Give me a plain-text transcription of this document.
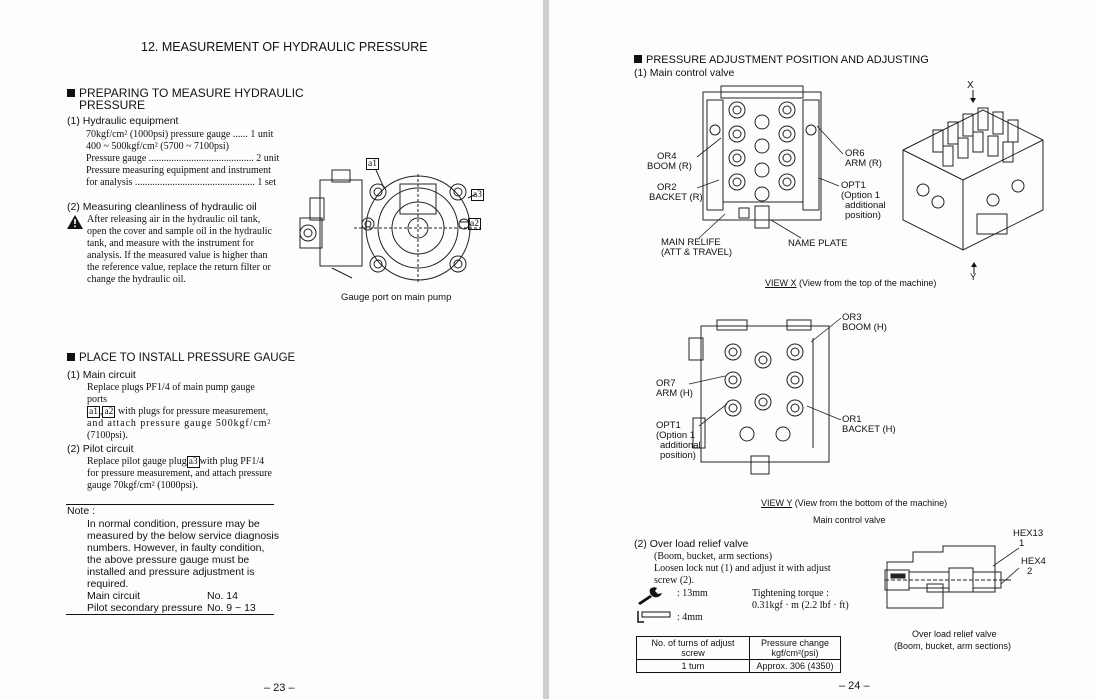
12. MEASUREMENT OF HYDRAULIC PRESSURE
PREPARING TO MEASURE HYDRAULIC
PRESSURE
(1) Hydraulic equipment
70kgf/cm² (1000psi) pressure gauge ...... 1 unit
400 ~ 500kgf/cm² (5700 ~ 7100psi)
Pressure gauge .......................................... 2 unit
Pressure measuring equipment and instrument
for analysis ................................................ 1 set
(2) Measuring cleanliness of hydraulic oil
After releasing air in the hydraulic oil tank,
open the cover and sample oil in the hydraulic
tank, and measure with the instrument for
analysis. If the measured value is higher than
the reference value, replace the return filter or
change the hydraulic oil.
a1
a3
a2
Gauge port on main pump
PLACE TO INSTALL PRESSURE GAUGE
(1) Main circuit
Replace plugs PF1/4 of main pump gauge ports
a1 , a2 with plugs for pressure measurement,
and attach pressure gauge 500kgf/cm²
(7100psi).
(2) Pilot circuit
Replace pilot gauge plug a3 with plug PF1/4
for pressure measurement, and attach pressure
gauge 70kgf/cm² (1000psi).
Note :
In normal condition, pressure may be
measured by the below service diagnosis
numbers. However, in faulty condition,
the above pressure gauge must be
installed and pressure adjustment is
required.
Main circuit	No. 14
Pilot secondary pressure No. 9 ~ 13
– 23 –
PRESSURE ADJUSTMENT POSITION AND ADJUSTING
(1) Main control valve
OR4
BOOM (R)
OR2
BACKET (R)
OR6
ARM (R)
OPT1
(Option 1
additional
position)
MAIN RELIFE
(ATT & TRAVEL)
NAME PLATE
X
Y
VIEW X (View from the top of the machine)
OR3
BOOM (H)
OR7
ARM (H)
OPT1
(Option 1
additional
position)
OR1
BACKET (H)
VIEW Y (View from the bottom of the machine)
Main control valve
(2) Over load relief valve
(Boom, bucket, arm sections)
Loosen lock nut (1) and adjust it with adjust
screw (2).
: 13mm	Tightening torque :
0.31kgf · m (2.2 lbf · ft)
: 4mm
No. of turns of adjust screw	Pressure change
kgf/cm²(psi)

1 turn	Approx. 306 (4350)
HEX13
1
HEX4
2
Over load relief valve
(Boom, bucket, arm sections)
– 24 –
